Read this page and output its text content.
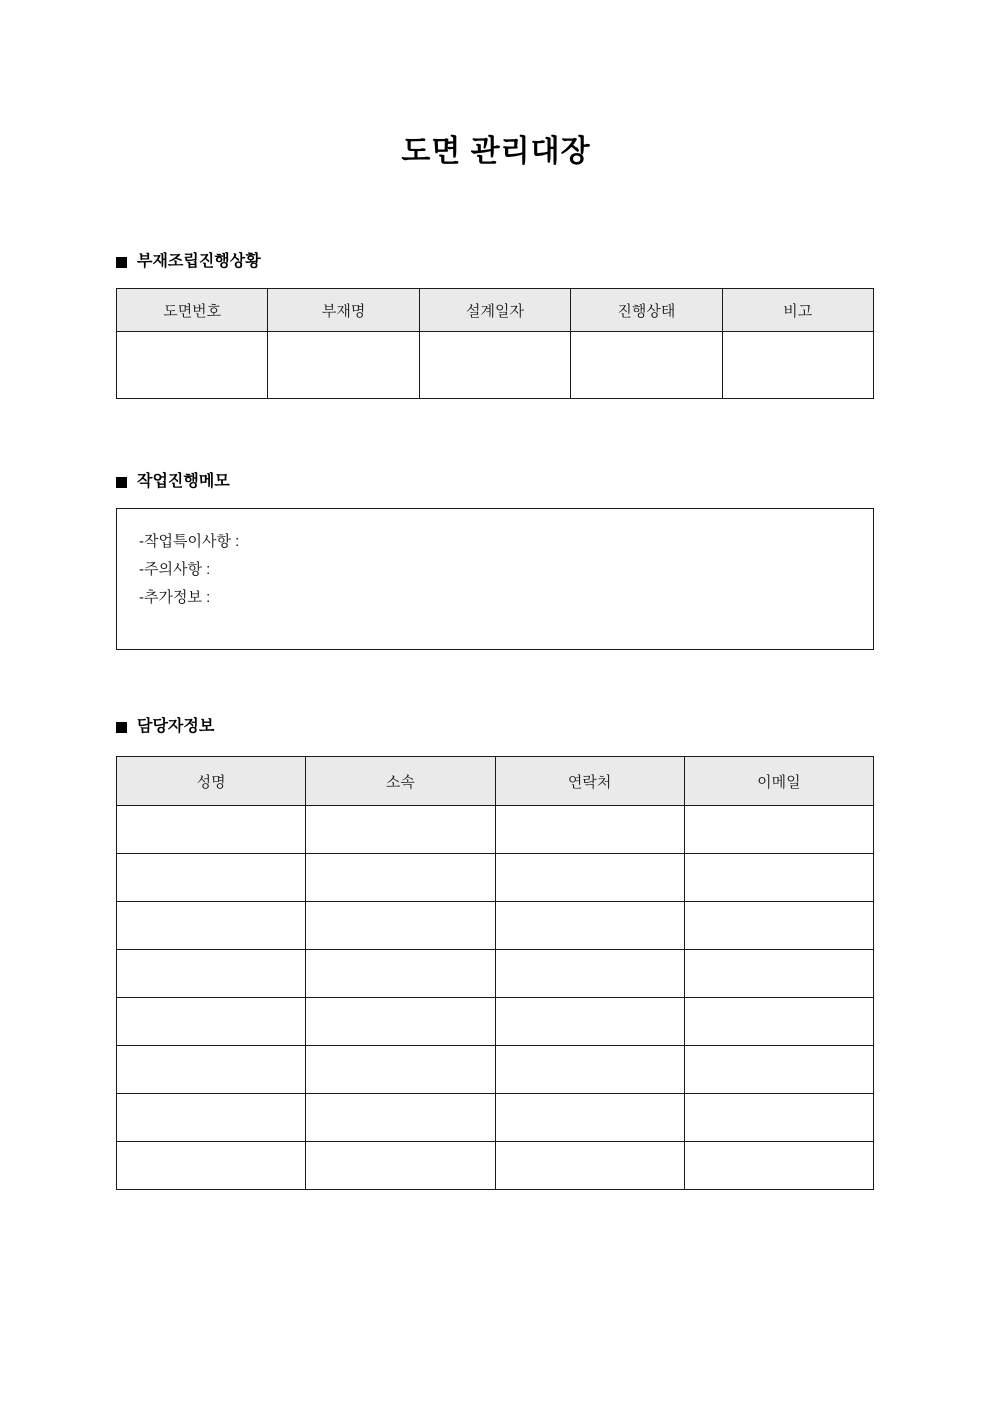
도면 관리대장
부재조립진행상황
도면번호	부재명	설계일자	진행상태	비고

작업진행메모
-작업특이사항 :
-주의사항 :
-추가정보 :
담당자정보
성명	소속	연락처	이메일
